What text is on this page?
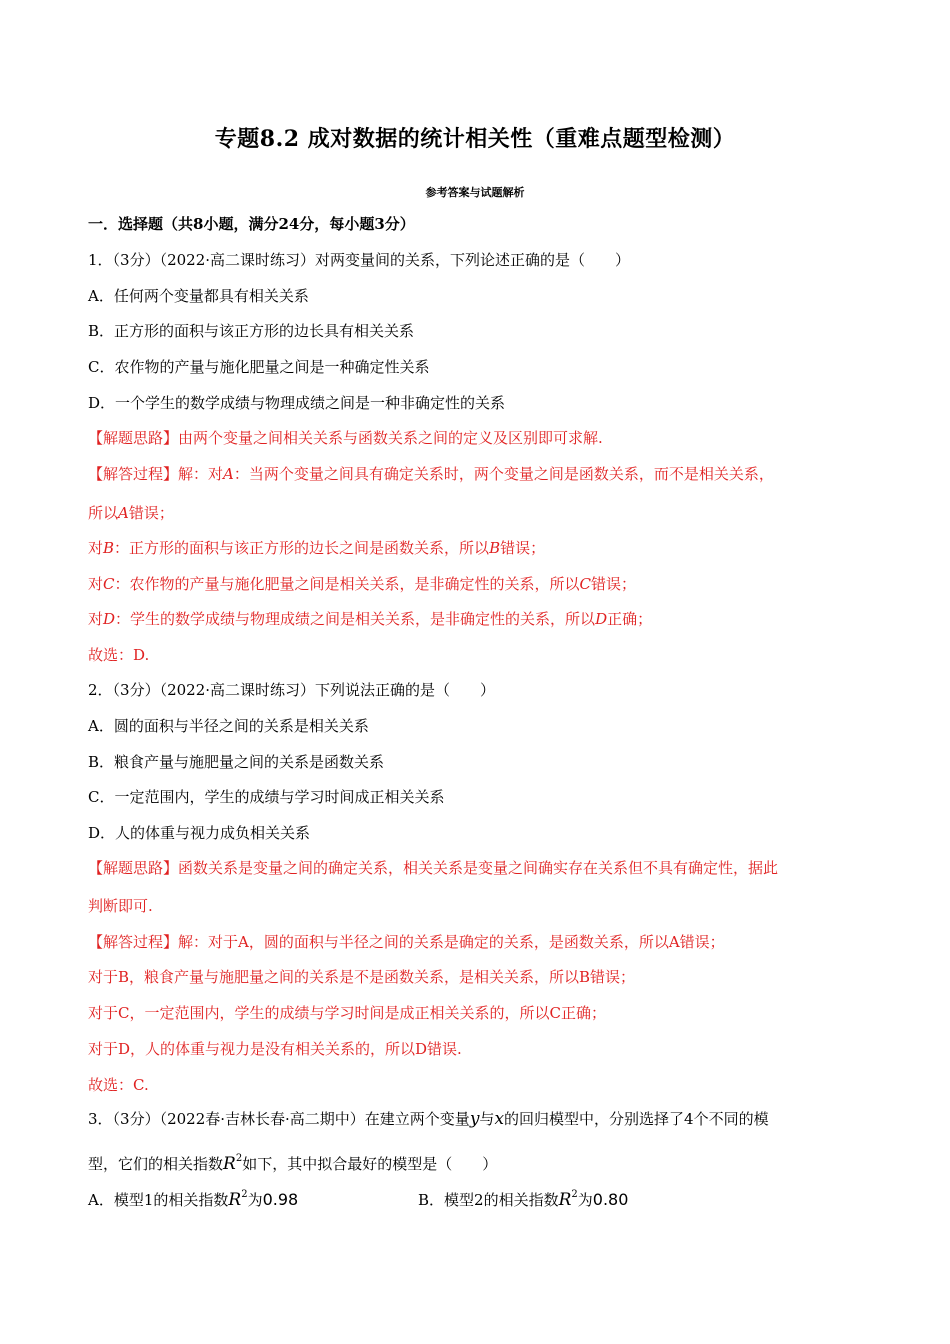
专题8.2 成对数据的统计相关性（重难点题型检测）
参考答案与试题解析
一．选择题（共8小题，满分24分，每小题3分）
1．（3分）（2022·高二课时练习）对两变量间的关系，下列论述正确的是（　　）
A．任何两个变量都具有相关关系
B．正方形的面积与该正方形的边长具有相关关系
C．农作物的产量与施化肥量之间是一种确定性关系
D．一个学生的数学成绩与物理成绩之间是一种非确定性的关系
【解题思路】由两个变量之间相关关系与函数关系之间的定义及区别即可求解.
【解答过程】解：对A：当两个变量之间具有确定关系时，两个变量之间是函数关系，而不是相关关系，
所以A错误；
对B：正方形的面积与该正方形的边长之间是函数关系，所以B错误；
对C：农作物的产量与施化肥量之间是相关关系，是非确定性的关系，所以C错误；
对D：学生的数学成绩与物理成绩之间是相关关系，是非确定性的关系，所以D正确；
故选：D.
2．（3分）（2022·高二课时练习）下列说法正确的是（　　）
A．圆的面积与半径之间的关系是相关关系
B．粮食产量与施肥量之间的关系是函数关系
C．一定范围内，学生的成绩与学习时间成正相关关系
D．人的体重与视力成负相关关系
【解题思路】函数关系是变量之间的确定关系，相关关系是变量之间确实存在关系但不具有确定性，据此
判断即可.
【解答过程】解：对于A，圆的面积与半径之间的关系是确定的关系，是函数关系，所以A错误；
对于B，粮食产量与施肥量之间的关系是不是函数关系，是相关关系，所以B错误；
对于C，一定范围内，学生的成绩与学习时间是成正相关关系的，所以C正确；
对于D，人的体重与视力是没有相关关系的，所以D错误.
故选：C.
3．（3分）（2022春·吉林长春·高二期中）在建立两个变量y与x的回归模型中，分别选择了4个不同的模
型，它们的相关指数$R^2$如下，其中拟合最好的模型是（　　）
A．模型1的相关指数$R^2$为0.98	B．模型2的相关指数$R^2$为0.80
